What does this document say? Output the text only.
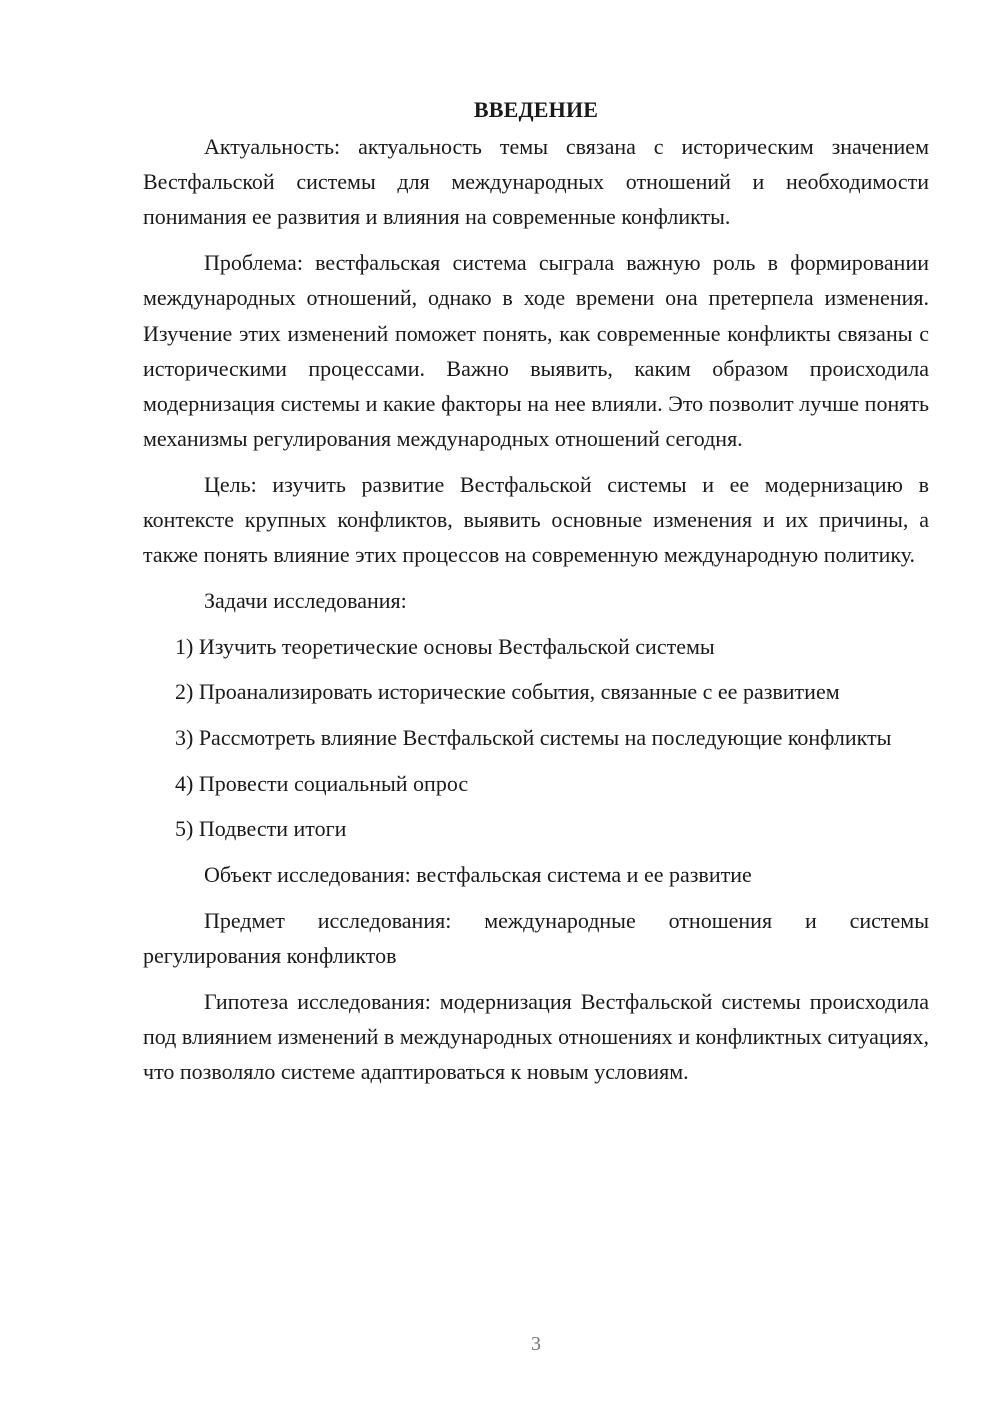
ВВЕДЕНИЕ

Актуальность: актуальность темы связана с историческим значением Вестфальской системы для международных отношений и необходимости понимания ее развития и влияния на современные конфликты.

Проблема: вестфальская система сыграла важную роль в формировании международных отношений, однако в ходе времени она претерпела изменения. Изучение этих изменений поможет понять, как современные конфликты связаны с историческими процессами. Важно выявить, каким образом происходила модернизация системы и какие факторы на нее влияли. Это позволит лучше понять механизмы регулирования международных отношений сегодня.

Цель: изучить развитие Вестфальской системы и ее модернизацию в контексте крупных конфликтов, выявить основные изменения и их причины, а также понять влияние этих процессов на современную международную политику.

Задачи исследования:

1) Изучить теоретические основы Вестфальской системы

2) Проанализировать исторические события, связанные с ее развитием

3) Рассмотреть влияние Вестфальской системы на последующие конфликты

4) Провести социальный опрос

5) Подвести итоги

Объект исследования: вестфальская система и ее развитие

Предмет исследования: международные отношения и системы регулирования конфликтов

Гипотеза исследования: модернизация Вестфальской системы происходила под влиянием изменений в международных отношениях и конфликтных ситуациях, что позволяло системе адаптироваться к новым условиям.

3
